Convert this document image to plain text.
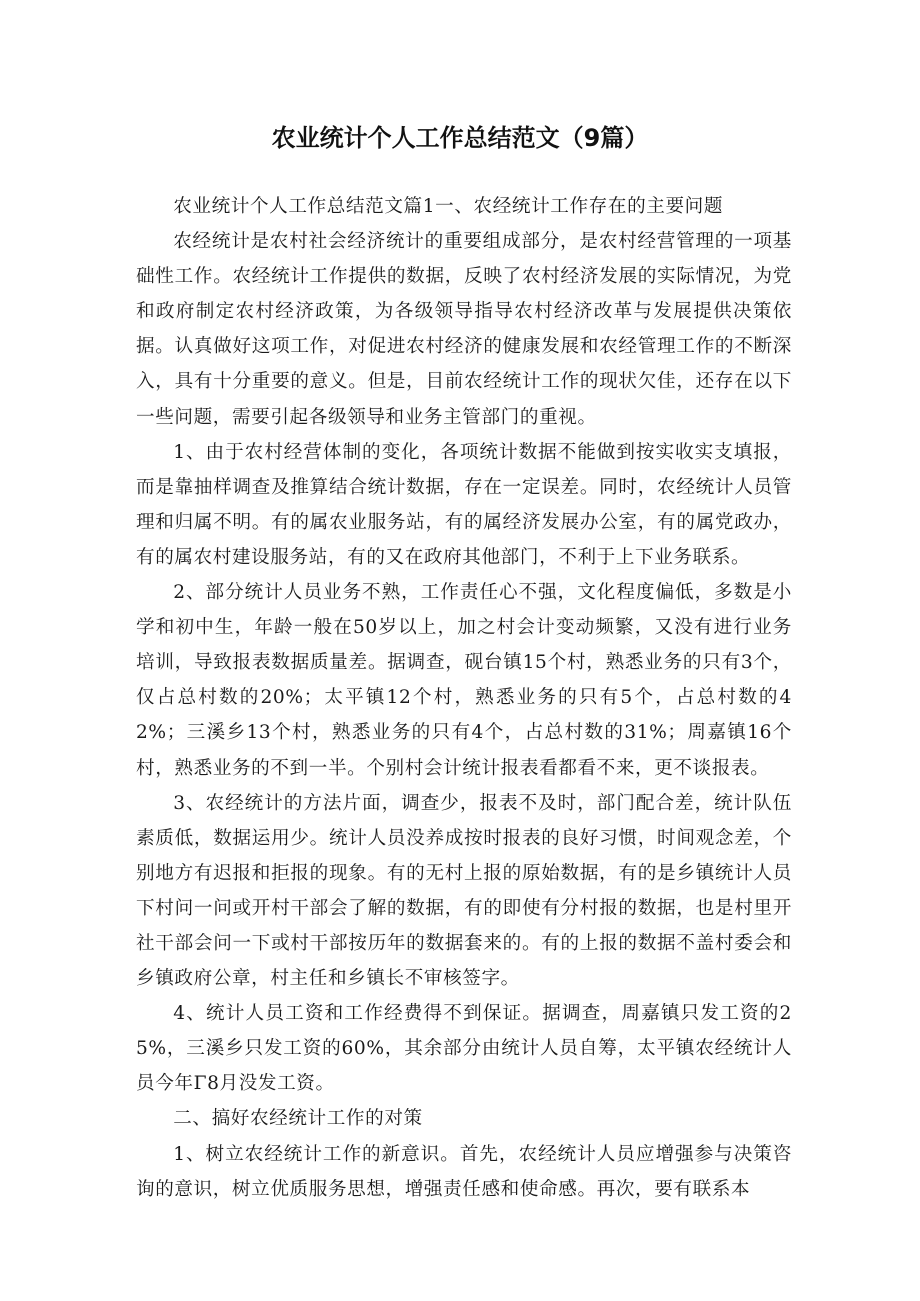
农业统计个人工作总结范文（9篇）

农业统计个人工作总结范文篇1一、农经统计工作存在的主要问题

农经统计是农村社会经济统计的重要组成部分，是农村经营管理的一项基础性工作。农经统计工作提供的数据，反映了农村经济发展的实际情况，为党和政府制定农村经济政策，为各级领导指导农村经济改革与发展提供决策依据。认真做好这项工作，对促进农村经济的健康发展和农经管理工作的不断深入，具有十分重要的意义。但是，目前农经统计工作的现状欠佳，还存在以下一些问题，需要引起各级领导和业务主管部门的重视。

1、由于农村经营体制的变化，各项统计数据不能做到按实收实支填报，而是靠抽样调查及推算结合统计数据，存在一定误差。同时，农经统计人员管理和归属不明。有的属农业服务站，有的属经济发展办公室，有的属党政办，有的属农村建设服务站，有的又在政府其他部门，不利于上下业务联系。

2、部分统计人员业务不熟，工作责任心不强，文化程度偏低，多数是小学和初中生，年龄一般在50岁以上，加之村会计变动频繁，又没有进行业务培训，导致报表数据质量差。据调查，砚台镇15个村，熟悉业务的只有3个，仅占总村数的20%；太平镇12个村，熟悉业务的只有5个，占总村数的42%；三溪乡13个村，熟悉业务的只有4个，占总村数的31%；周嘉镇16个村，熟悉业务的不到一半。个别村会计统计报表看都看不来，更不谈报表。

3、农经统计的方法片面，调查少，报表不及时，部门配合差，统计队伍素质低，数据运用少。统计人员没养成按时报表的良好习惯，时间观念差，个别地方有迟报和拒报的现象。有的无村上报的原始数据，有的是乡镇统计人员下村问一问或开村干部会了解的数据，有的即使有分村报的数据，也是村里开社干部会问一下或村干部按历年的数据套来的。有的上报的数据不盖村委会和乡镇政府公章，村主任和乡镇长不审核签字。

4、统计人员工资和工作经费得不到保证。据调查，周嘉镇只发工资的25%，三溪乡只发工资的60%，其余部分由统计人员自筹，太平镇农经统计人员今年Γ8月没发工资。

二、搞好农经统计工作的对策

1、树立农经统计工作的新意识。首先，农经统计人员应增强参与决策咨询的意识，树立优质服务思想，增强责任感和使命感。再次，要有联系本
